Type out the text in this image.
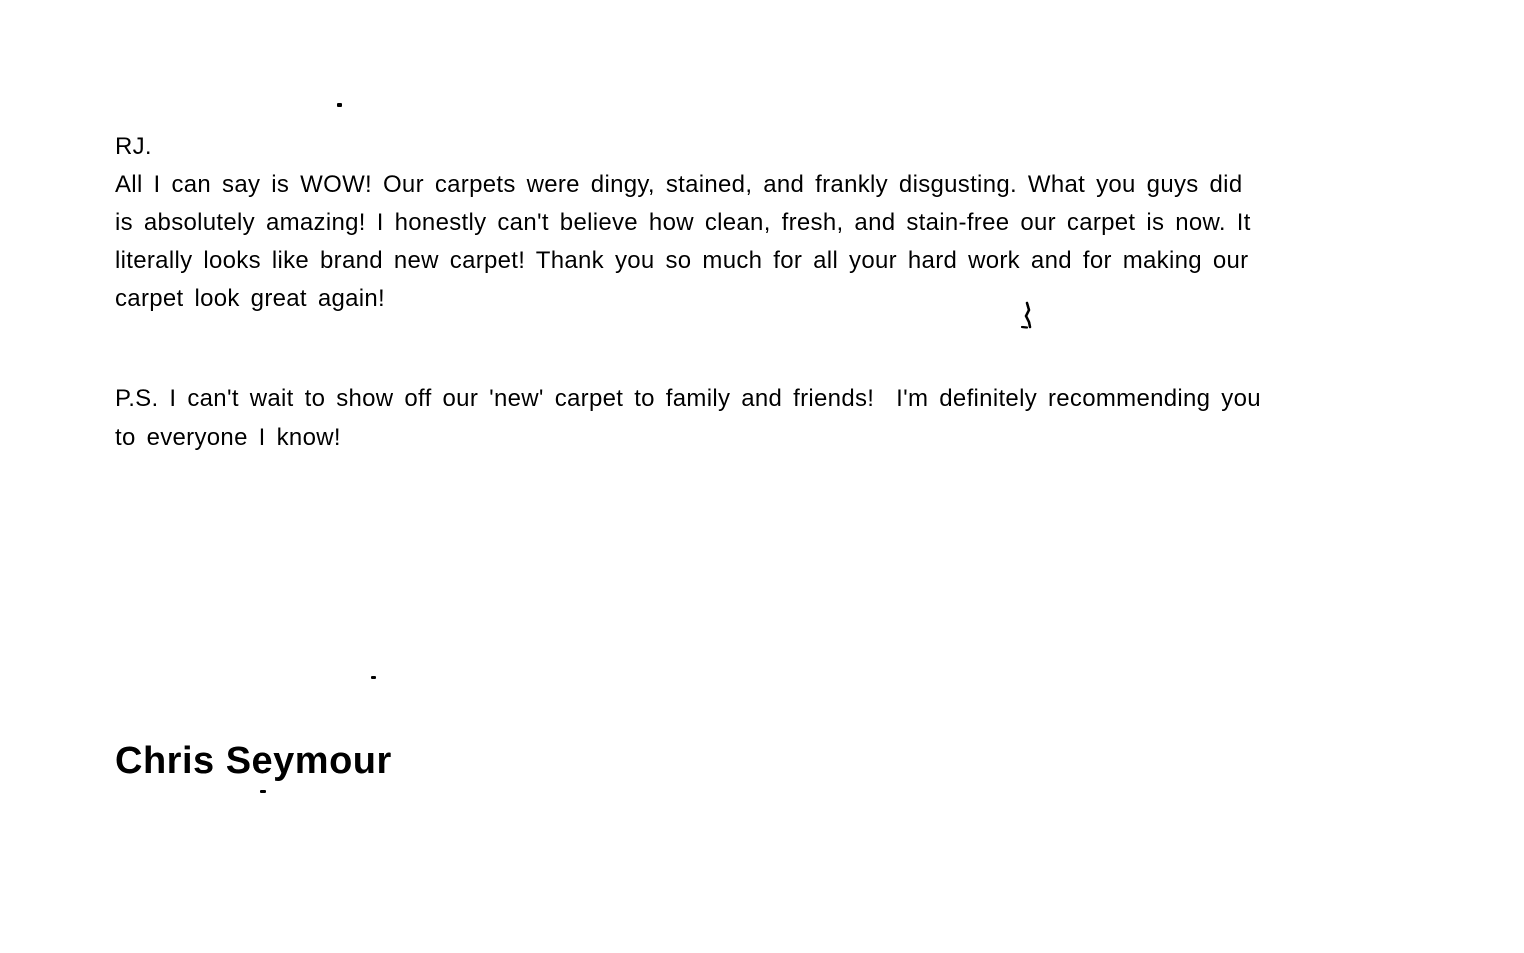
RJ.
All I can say is WOW! Our carpets were dingy, stained, and frankly disgusting. What you guys did
is absolutely amazing! I honestly can't believe how clean, fresh, and stain-free our carpet is now. It
literally looks like brand new carpet! Thank you so much for all your hard work and for making our
carpet look great again!
P.S. I can't wait to show off our 'new' carpet to family and friends!  I'm definitely recommending you
to everyone I know!
Chris Seymour
